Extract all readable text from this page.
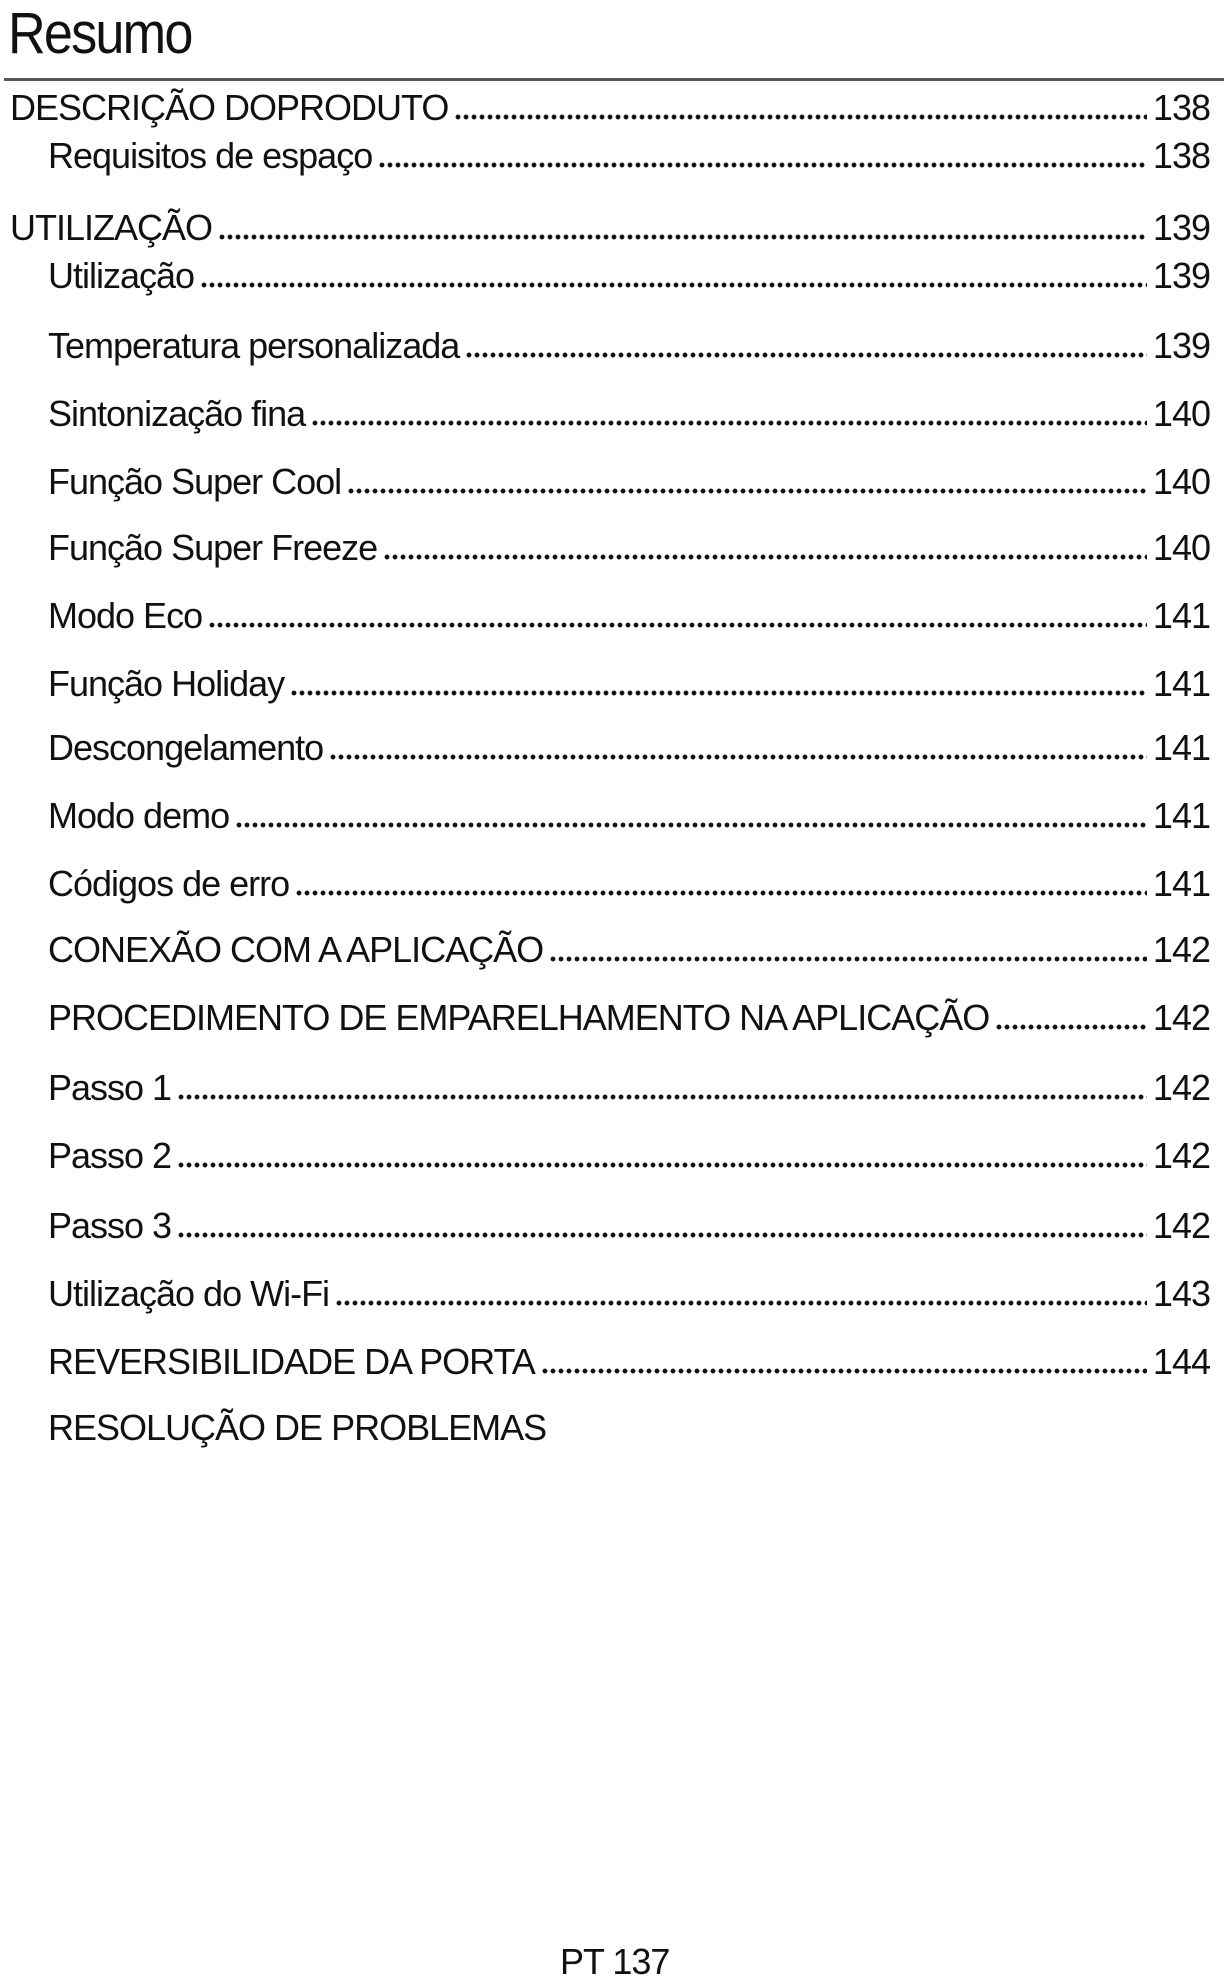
Resumo
DESCRIÇÃO DOPRODUTO	138
Requisitos de espaço	138
UTILIZAÇÃO	139
Utilização	139
Temperatura personalizada	139
Sintonização fina	140
Função Super Cool	140
Função Super Freeze	140
Modo Eco	141
Função Holiday	141
Descongelamento	141
Modo demo	141
Códigos de erro	141
CONEXÃO COM A APLICAÇÃO	142
PROCEDIMENTO DE EMPARELHAMENTO NA APLICAÇÃO	142
Passo 1	142
Passo 2	142
Passo 3	142
Utilização do Wi-Fi	143
REVERSIBILIDADE DA PORTA	144
RESOLUÇÃO DE PROBLEMAS
PT 137
